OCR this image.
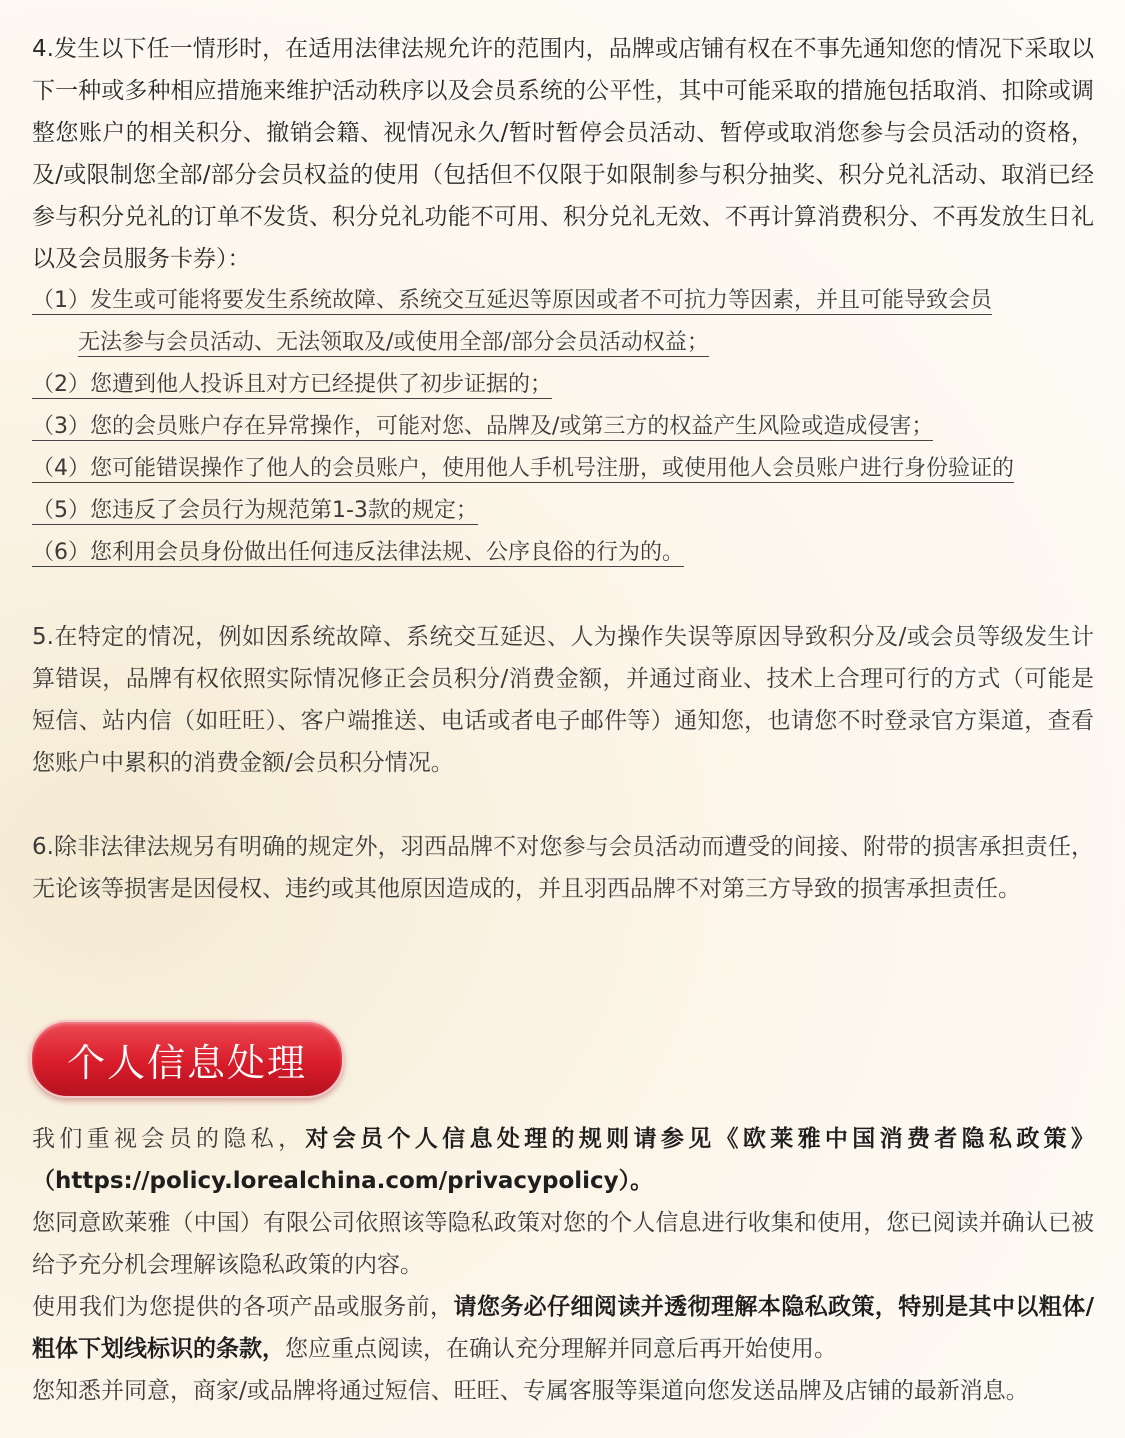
4.发生以下任一情形时，在适用法律法规允许的范围内，品牌或店铺有权在不事先通知您的情况下采取以下一种或多种相应措施来维护活动秩序以及会员系统的公平性，其中可能采取的措施包括取消、扣除或调整您账户的相关积分、撤销会籍、视情况永久/暂时暂停会员活动、暂停或取消您参与会员活动的资格，及/或限制您全部/部分会员权益的使用（包括但不仅限于如限制参与积分抽奖、积分兑礼活动、取消已经参与积分兑礼的订单不发货、积分兑礼功能不可用、积分兑礼无效、不再计算消费积分、不再发放生日礼以及会员服务卡券）：

（1）发生或可能将要发生系统故障、系统交互延迟等原因或者不可抗力等因素，并且可能导致会员
无法参与会员活动、无法领取及/或使用全部/部分会员活动权益；
（2）您遭到他人投诉且对方已经提供了初步证据的；
（3）您的会员账户存在异常操作，可能对您、品牌及/或第三方的权益产生风险或造成侵害；
（4）您可能错误操作了他人的会员账户，使用他人手机号注册，或使用他人会员账户进行身份验证的
（5）您违反了会员行为规范第1-3款的规定；
（6）您利用会员身份做出任何违反法律法规、公序良俗的行为的。

5.在特定的情况，例如因系统故障、系统交互延迟、人为操作失误等原因导致积分及/或会员等级发生计算错误，品牌有权依照实际情况修正会员积分/消费金额，并通过商业、技术上合理可行的方式（可能是短信、站内信（如旺旺）、客户端推送、电话或者电子邮件等）通知您，也请您不时登录官方渠道，查看您账户中累积的消费金额/会员积分情况。

6.除非法律法规另有明确的规定外，羽西品牌不对您参与会员活动而遭受的间接、附带的损害承担责任，无论该等损害是因侵权、违约或其他原因造成的，并且羽西品牌不对第三方导致的损害承担责任。

个人信息处理

我们重视会员的隐私，对会员个人信息处理的规则请参见《欧莱雅中国消费者隐私政策》（https://policy.lorealchina.com/privacypolicy）。

您同意欧莱雅（中国）有限公司依照该等隐私政策对您的个人信息进行收集和使用，您已阅读并确认已被给予充分机会理解该隐私政策的内容。

使用我们为您提供的各项产品或服务前，请您务必仔细阅读并透彻理解本隐私政策，特别是其中以粗体/粗体下划线标识的条款，您应重点阅读，在确认充分理解并同意后再开始使用。

您知悉并同意，商家/或品牌将通过短信、旺旺、专属客服等渠道向您发送品牌及店铺的最新消息。
